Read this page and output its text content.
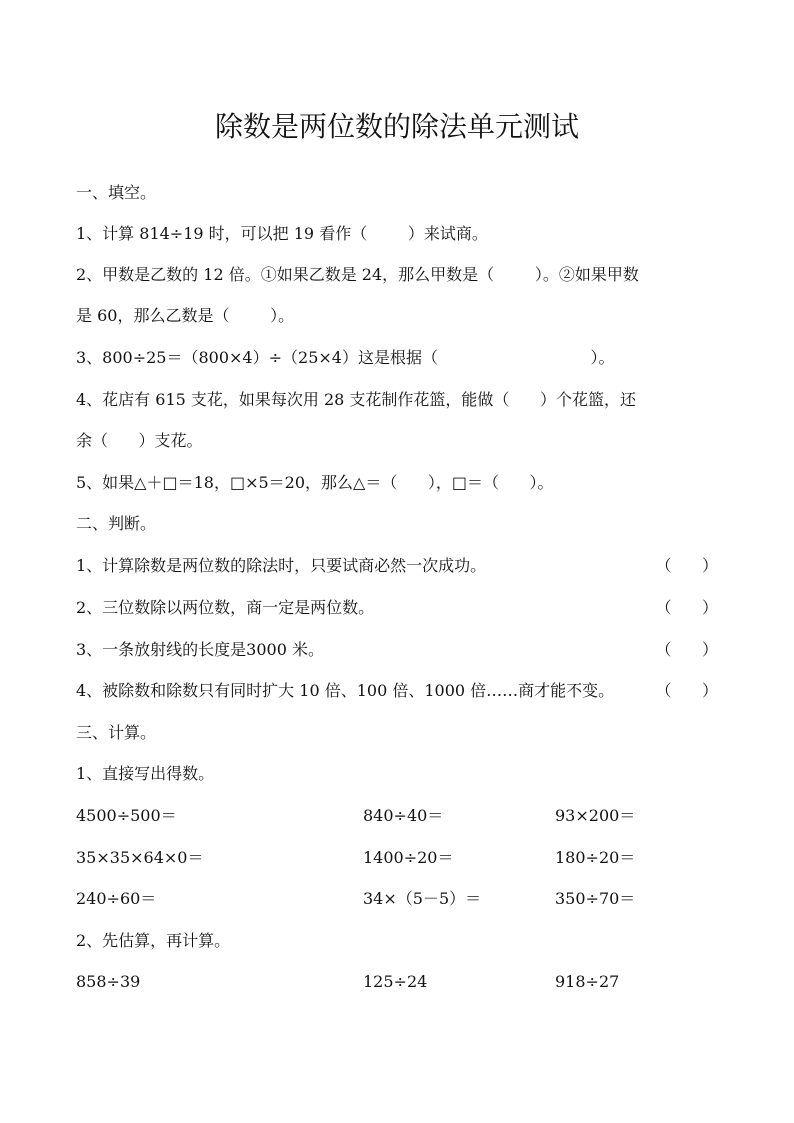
除数是两位数的除法单元测试
一、填空。
1、计算 814÷19 时，可以把 19 看作（        ）来试商。
2、甲数是乙数的 12 倍。①如果乙数是 24，那么甲数是（        ）。②如果甲数
是 60，那么乙数是（        ）。
3、800÷25＝（800×4）÷（25×4）这是根据（                              ）。
4、花店有 615 支花，如果每次用 28 支花制作花篮，能做（      ）个花篮，还
余（      ）支花。
5、如果△＋□＝18，□×5＝20，那么△＝（      ），□＝（      ）。
二、判断。
1、计算除数是两位数的除法时，只要试商必然一次成功。	（      ）
2、三位数除以两位数，商一定是两位数。	（      ）
3、一条放射线的长度是3000 米。	（      ）
4、被除数和除数只有同时扩大 10 倍、100 倍、1000 倍……商才能不变。	（      ）
三、计算。
1、直接写出得数。
4500÷500＝	840÷40＝	93×200＝
35×35×64×0＝	1400÷20＝	180÷20＝
240÷60＝	34×（5－5）＝	350÷70＝
2、先估算，再计算。
858÷39	125÷24	918÷27
